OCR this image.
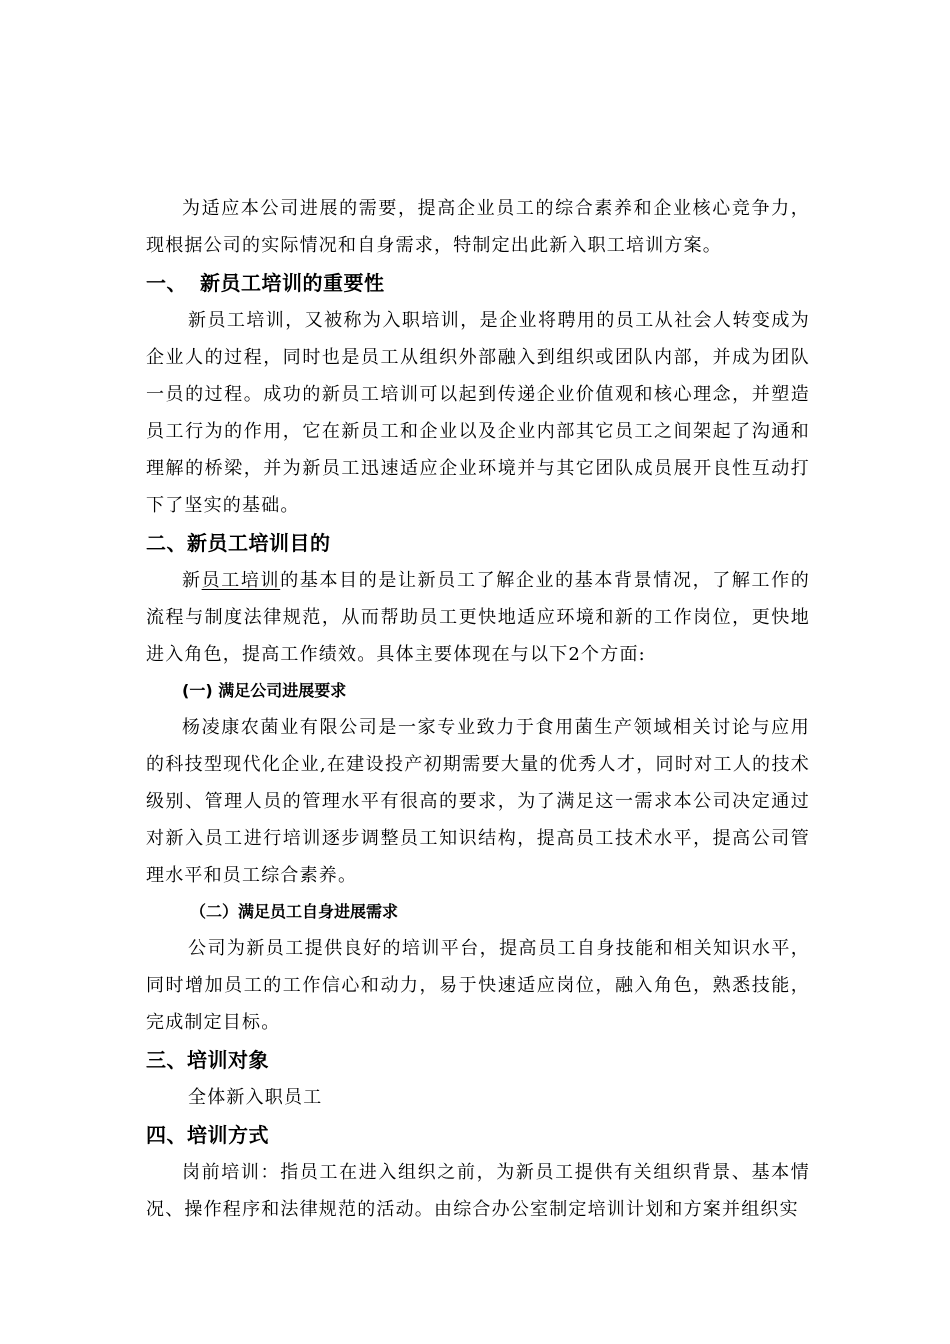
为适应本公司进展的需要，提高企业员工的综合素养和企业核心竞争力，现根据公司的实际情况和自身需求，特制定出此新入职工培训方案。

一、 新员工培训的重要性

新员工培训，又被称为入职培训，是企业将聘用的员工从社会人转变成为企业人的过程，同时也是员工从组织外部融入到组织或团队内部，并成为团队一员的过程。成功的新员工培训可以起到传递企业价值观和核心理念，并塑造员工行为的作用，它在新员工和企业以及企业内部其它员工之间架起了沟通和理解的桥梁，并为新员工迅速适应企业环境并与其它团队成员展开良性互动打下了坚实的基础。

二、新员工培训目的

新员工培训的基本目的是让新员工了解企业的基本背景情况，了解工作的流程与制度法律规范，从而帮助员工更快地适应环境和新的工作岗位，更快地进入角色，提高工作绩效。具体主要体现在与以下2个方面:

(一) 满足公司进展要求

杨凌康农菌业有限公司是一家专业致力于食用菌生产领域相关讨论与应用的科技型现代化企业,在建设投产初期需要大量的优秀人才，同时对工人的技术级别、管理人员的管理水平有很高的要求，为了满足这一需求本公司决定通过对新入员工进行培训逐步调整员工知识结构，提高员工技术水平，提高公司管理水平和员工综合素养。

（二）满足员工自身进展需求

公司为新员工提供良好的培训平台，提高员工自身技能和相关知识水平，同时增加员工的工作信心和动力，易于快速适应岗位，融入角色，熟悉技能，完成制定目标。

三、培训对象

全体新入职员工

四、培训方式

岗前培训：指员工在进入组织之前，为新员工提供有关组织背景、基本情况、操作程序和法律规范的活动。由综合办公室制定培训计划和方案并组织实
